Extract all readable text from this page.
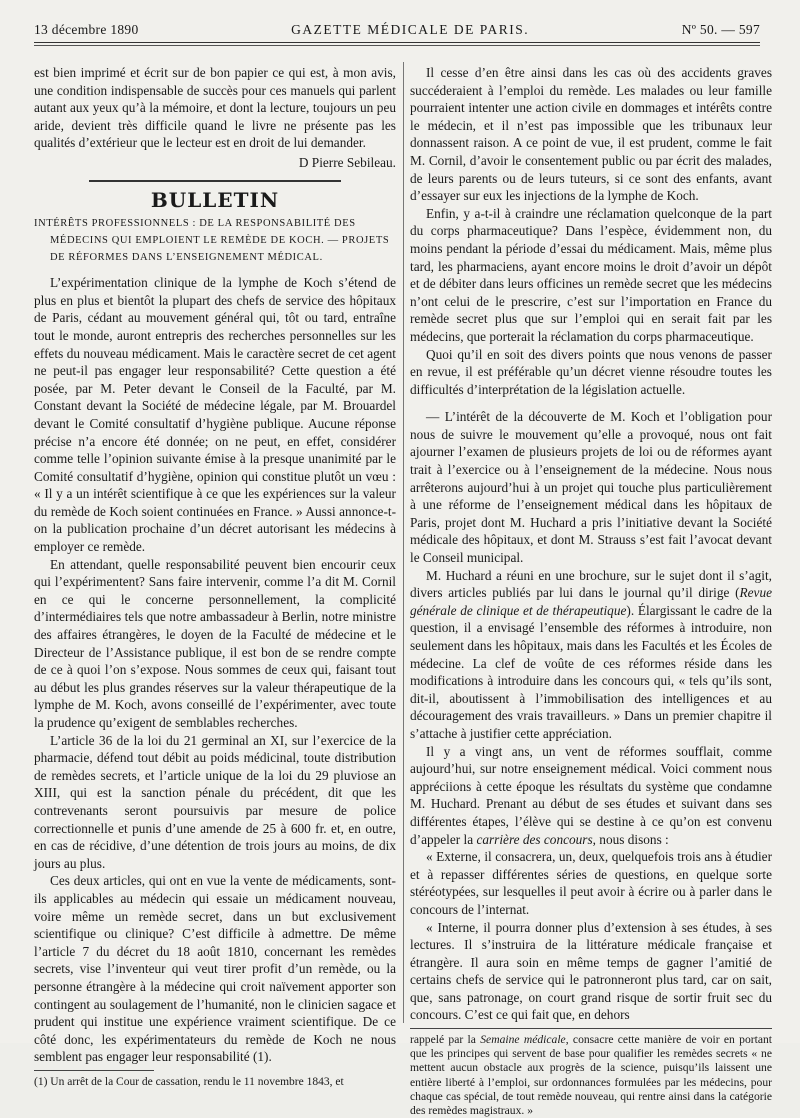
13 décembre 1890	GAZETTE MÉDICALE DE PARIS.	Nº 50. — 597

est bien imprimé et écrit sur de bon papier ce qui est, à mon avis, une condition indispensable de succès pour ces manuels qui parlent autant aux yeux qu’à la mémoire, et dont la lecture, toujours un peu aride, devient très difficile quand le livre ne présente pas les qualités d’extérieur que le lecteur est en droit de lui demander.

D Pierre Sebileau.

BULLETIN

INTÉRÊTS PROFESSIONNELS : DE LA RESPONSABILITÉ DES
MÉDECINS QUI EMPLOIENT LE REMÈDE DE KOCH. — PROJETS
DE RÉFORMES DANS L’ENSEIGNEMENT MÉDICAL.

L’expérimentation clinique de la lymphe de Koch s’étend de plus en plus et bientôt la plupart des chefs de service des hôpitaux de Paris, cédant au mouvement général qui, tôt ou tard, entraîne tout le monde, auront entrepris des recherches personnelles sur les effets du nouveau médicament. Mais le caractère secret de cet agent ne peut-il pas engager leur responsabilité? Cette question a été posée, par M. Peter devant le Conseil de la Faculté, par M. Constant devant la Société de médecine légale, par M. Brouardel devant le Comité consultatif d’hygiène publique. Aucune réponse précise n’a encore été donnée; on ne peut, en effet, considérer comme telle l’opinion suivante émise à la presque unanimité par le Comité consultatif d’hygiène, opinion qui constitue plutôt un vœu : « Il y a un intérêt scientifique à ce que les expériences sur la valeur du remède de Koch soient continuées en France. » Aussi annonce-t-on la publication prochaine d’un décret autorisant les médecins à employer ce remède.

En attendant, quelle responsabilité peuvent bien encourir ceux qui l’expérimentent? Sans faire intervenir, comme l’a dit M. Cornil en ce qui le concerne personnellement, la complicité d’intermédiaires tels que notre ambassadeur à Berlin, notre ministre des affaires étrangères, le doyen de la Faculté de médecine et le Directeur de l’Assistance publique, il est bon de se rendre compte de ce à quoi l’on s’expose. Nous sommes de ceux qui, faisant tout au début les plus grandes réserves sur la valeur thérapeutique de la lymphe de M. Koch, avons conseillé de l’expérimenter, avec toute la prudence qu’exigent de semblables recherches.

L’article 36 de la loi du 21 germinal an XI, sur l’exercice de la pharmacie, défend tout débit au poids médicinal, toute distribution de remèdes secrets, et l’article unique de la loi du 29 pluviose an XIII, qui est la sanction pénale du précédent, dit que les contrevenants seront poursuivis par mesure de police correctionnelle et punis d’une amende de 25 à 600 fr. et, en outre, en cas de récidive, d’une détention de trois jours au moins, de dix jours au plus.

Ces deux articles, qui ont en vue la vente de médicaments, sont-ils applicables au médecin qui essaie un médicament nouveau, voire même un remède secret, dans un but exclusivement scientifique ou clinique? C’est difficile à admettre. De même l’article 7 du décret du 18 août 1810, concernant les remèdes secrets, vise l’inventeur qui veut tirer profit d’un remède, ou la personne étrangère à la médecine qui croit naïvement apporter son contingent au soulagement de l’humanité, non le clinicien sagace et prudent qui institue une expérience vraiment scientifique. De ce côté donc, les expérimentateurs du remède de Koch ne nous semblent pas engager leur responsabilité (1).

(1) Un arrêt de la Cour de cassation, rendu le 11 novembre 1843, et

Il cesse d’en être ainsi dans les cas où des accidents graves succéderaient à l’emploi du remède. Les malades ou leur famille pourraient intenter une action civile en dommages et intérêts contre le médecin, et il n’est pas impossible que les tribunaux leur donnassent raison. A ce point de vue, il est prudent, comme le fait M. Cornil, d’avoir le consentement public ou par écrit des malades, de leurs parents ou de leurs tuteurs, si ce sont des enfants, avant d’essayer sur eux les injections de la lymphe de Koch.

Enfin, y a-t-il à craindre une réclamation quelconque de la part du corps pharmaceutique? Dans l’espèce, évidemment non, du moins pendant la période d’essai du médicament. Mais, même plus tard, les pharmaciens, ayant encore moins le droit d’avoir un dépôt et de débiter dans leurs officines un remède secret que les médecins n’ont celui de le prescrire, c’est sur l’importation en France du remède secret plus que sur l’emploi qui en serait fait par les médecins, que porterait la réclamation du corps pharmaceutique.

Quoi qu’il en soit des divers points que nous venons de passer en revue, il est préférable qu’un décret vienne résoudre toutes les difficultés d’interprétation de la législation actuelle.

— L’intérêt de la découverte de M. Koch et l’obligation pour nous de suivre le mouvement qu’elle a provoqué, nous ont fait ajourner l’examen de plusieurs projets de loi ou de réformes ayant trait à l’exercice ou à l’enseignement de la médecine. Nous nous arrêterons aujourd’hui à un projet qui touche plus particulièrement à une réforme de l’enseignement médical dans les hôpitaux de Paris, projet dont M. Huchard a pris l’initiative devant la Société médicale des hôpitaux, et dont M. Strauss s’est fait l’avocat devant le Conseil municipal.

M. Huchard a réuni en une brochure, sur le sujet dont il s’agit, divers articles publiés par lui dans le journal qu’il dirige (Revue générale de clinique et de thérapeutique). Élargissant le cadre de la question, il a envisagé l’ensemble des réformes à introduire, non seulement dans les hôpitaux, mais dans les Facultés et les Écoles de médecine. La clef de voûte de ces réformes réside dans les modifications à introduire dans les concours qui, « tels qu’ils sont, dit-il, aboutissent à l’immobilisation des intelligences et au découragement des vrais travailleurs. » Dans un premier chapitre il s’attache à justifier cette appréciation.

Il y a vingt ans, un vent de réformes soufflait, comme aujourd’hui, sur notre enseignement médical. Voici comment nous appréciions à cette époque les résultats du système que condamne M. Huchard. Prenant au début de ses études et suivant dans ses différentes étapes, l’élève qui se destine à ce qu’on est convenu d’appeler la carrière des concours, nous disons :

« Externe, il consacrera, un, deux, quelquefois trois ans à étudier et à repasser différentes séries de questions, en quelque sorte stéréotypées, sur lesquelles il peut avoir à écrire ou à parler dans le concours de l’internat.

« Interne, il pourra donner plus d’extension à ses études, à ses lectures. Il s’instruira de la littérature médicale française et étrangère. Il aura soin en même temps de gagner l’amitié de certains chefs de service qui le patronneront plus tard, car on sait, que, sans patronage, on court grand risque de sortir fruit sec du concours. C’est ce qui fait que, en dehors

rappelé par la Semaine médicale, consacre cette manière de voir en portant que les principes qui servent de base pour qualifier les remèdes secrets « ne mettent aucun obstacle aux progrès de la science, puisqu’ils laissent une entière liberté à l’emploi, sur ordonnances formulées par les médecins, pour chaque cas spécial, de tout remède nouveau, qui rentre ainsi dans la catégorie des remèdes magistraux. »
